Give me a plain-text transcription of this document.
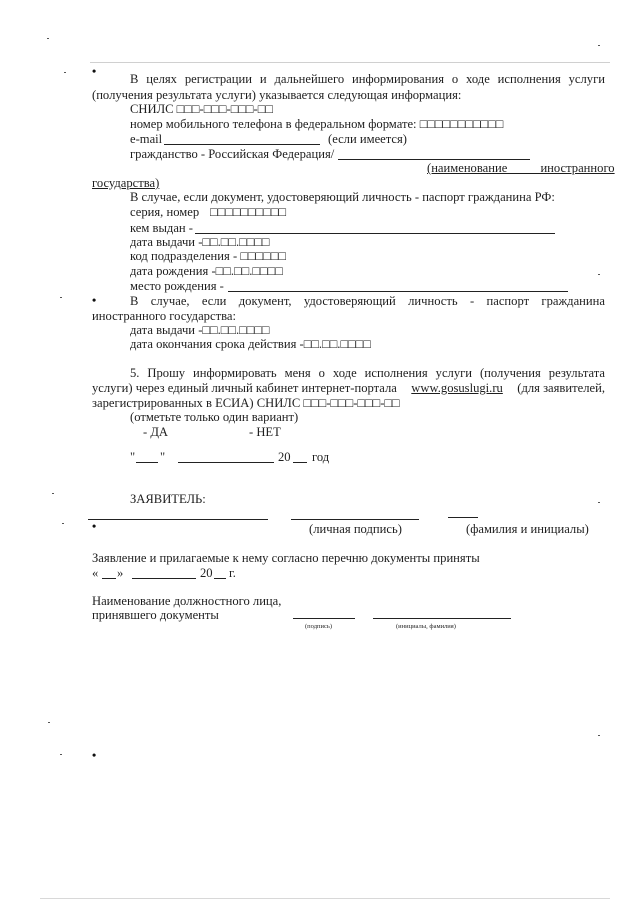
•
•
•
•
В целях регистрации и дальнейшего информирования о ходе исполнения услуги
(получения результата услуги) указывается следующая информация:
СНИЛС □□□-□□□-□□□-□□
номер мобильного телефона в федеральном формате: □□□□□□□□□□□
e-mail	(если имеется)
гражданство - Российская Федерация/
(наименование иностранного
государства)
В случае, если документ, удостоверяющий личность - паспорт гражданина РФ:
серия, номер □□□□□□□□□□
кем выдан -
дата выдачи -□□.□□.□□□□
код подразделения - □□□□□□
дата рождения -□□.□□.□□□□
место рождения -
В случае, если документ, удостоверяющий личность - паспорт гражданина
иностранного государства:
дата выдачи -□□.□□.□□□□
дата окончания срока действия -□□.□□.□□□□
5. Прошу информировать меня о ходе исполнения услуги (получения результата
услуги) через единый личный кабинет интернет-портала www.gosuslugi.ru (для заявителей,
зарегистрированных в ЕСИА) СНИЛС □□□-□□□-□□□-□□
(отметьте только один вариант)
- ДА	- НЕТ
" "	20 год
ЗАЯВИТЕЛЬ:
(личная подпись)	(фамилия и инициалы)
Заявление и прилагаемые к нему согласно перечню документы приняты
« »	20 г.
Наименование должностного лица,
принявшего документы
(подпись)	(инициалы, фамилия)
